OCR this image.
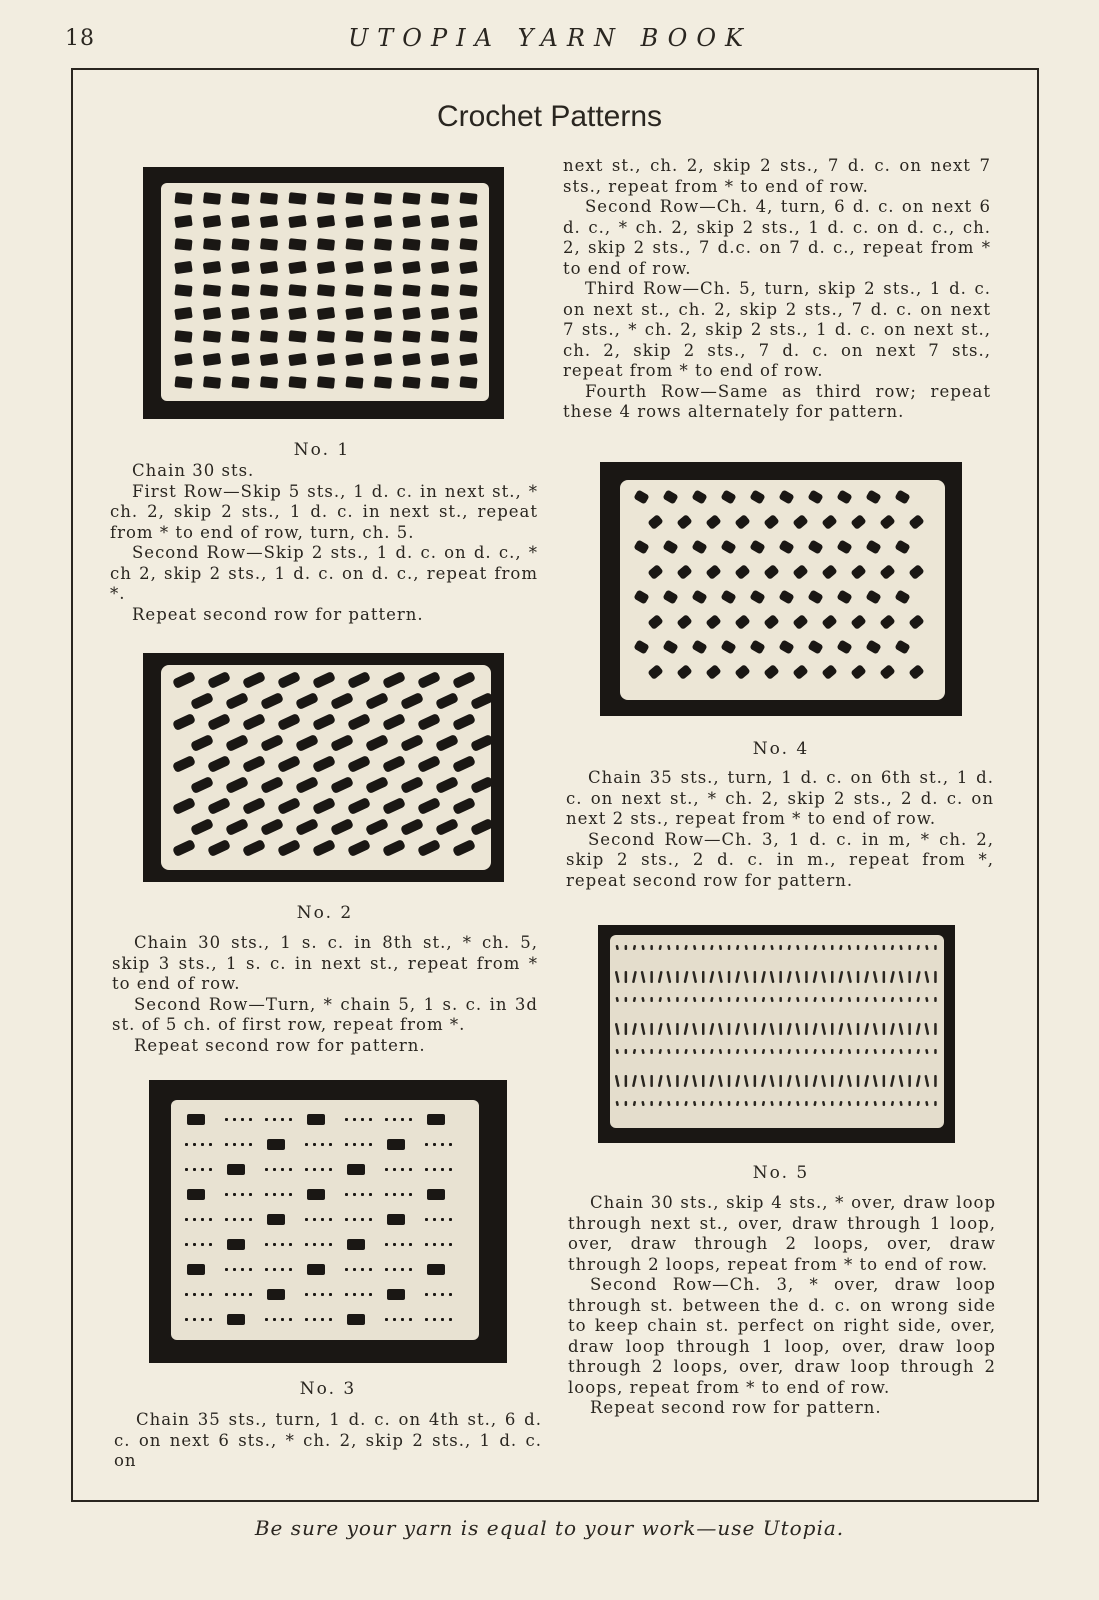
18	UTOPIA YARN BOOK
Crochet Patterns
No. 1

Chain 30 sts.

First Row—Skip 5 sts., 1 d. c. in next st., * ch. 2, skip 2 sts., 1 d. c. in next st., repeat from * to end of row, turn, ch. 5.

Second Row—Skip 2 sts., 1 d. c. on d. c., * ch 2, skip 2 sts., 1 d. c. on d. c., repeat from *.

Repeat second row for pattern.

No. 2

Chain 30 sts., 1 s. c. in 8th st., * ch. 5, skip 3 sts., 1 s. c. in next st., repeat from * to end of row.

Second Row—Turn, * chain 5, 1 s. c. in 3d st. of 5 ch. of first row, repeat from *.

Repeat second row for pattern.

No. 3

Chain 35 sts., turn, 1 d. c. on 4th st., 6 d. c. on next 6 sts., * ch. 2, skip 2 sts., 1 d. c. on

next st., ch. 2, skip 2 sts., 7 d. c. on next 7 sts., repeat from * to end of row.

Second Row—Ch. 4, turn, 6 d. c. on next 6 d. c., * ch. 2, skip 2 sts., 1 d. c. on d. c., ch. 2, skip 2 sts., 7 d.c. on 7 d. c., repeat from * to end of row.

Third Row—Ch. 5, turn, skip 2 sts., 1 d. c. on next st., ch. 2, skip 2 sts., 7 d. c. on next 7 sts., * ch. 2, skip 2 sts., 1 d. c. on next st., ch. 2, skip 2 sts., 7 d. c. on next 7 sts., repeat from * to end of row.

Fourth Row—Same as third row; repeat these 4 rows alternately for pattern.

No. 4

Chain 35 sts., turn, 1 d. c. on 6th st., 1 d. c. on next st., * ch. 2, skip 2 sts., 2 d. c. on next 2 sts., repeat from * to end of row.

Second Row—Ch. 3, 1 d. c. in m, * ch. 2, skip 2 sts., 2 d. c. in m., repeat from *, repeat second row for pattern.

No. 5

Chain 30 sts., skip 4 sts., * over, draw loop through next st., over, draw through 1 loop, over, draw through 2 loops, over, draw through 2 loops, repeat from * to end of row.

Second Row—Ch. 3, * over, draw loop through st. between the d. c. on wrong side to keep chain st. perfect on right side, over, draw loop through 1 loop, over, draw loop through 2 loops, over, draw loop through 2 loops, repeat from * to end of row.

Repeat second row for pattern.

Be sure your yarn is equal to your work—use Utopia.
